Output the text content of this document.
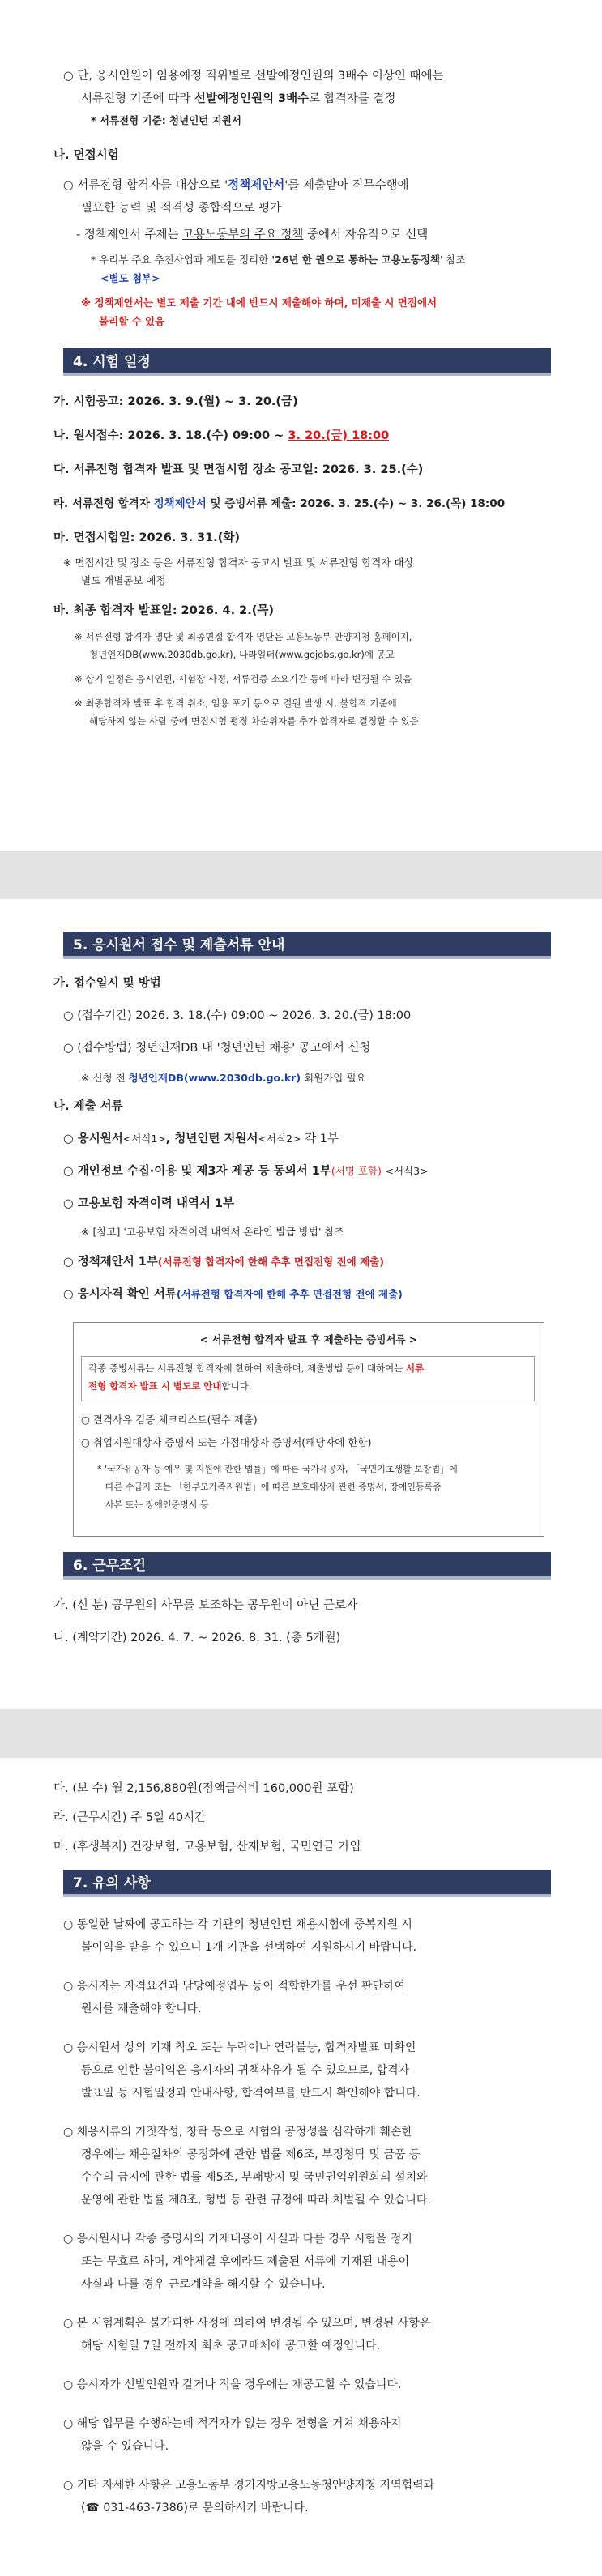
○ 단, 응시인원이 임용예정 직위별로 선발예정인원의 3배수 이상인 때에는
서류전형 기준에 따라 선발예정인원의 3배수로 합격자를 결정
* 서류전형 기준: 청년인턴 지원서
나. 면접시험
○ 서류전형 합격자를 대상으로 '정책제안서'를 제출받아 직무수행에
필요한 능력 및 적격성 종합적으로 평가
- 정책제안서 주제는 고용노동부의 주요 정책 중에서 자유적으로 선택
* 우리부 주요 추진사업과 제도를 정리한 '26년 한 권으로 통하는 고용노동정책' 참조
<별도 첨부>
※ 정책제안서는 별도 제출 기간 내에 반드시 제출해야 하며, 미제출 시 면접에서
불리할 수 있음
4. 시험 일정
가. 시험공고: 2026. 3. 9.(월) ~ 3. 20.(금)
나. 원서접수: 2026. 3. 18.(수) 09:00 ~ 3. 20.(금) 18:00
다. 서류전형 합격자 발표 및 면접시험 장소 공고일: 2026. 3. 25.(수)
라. 서류전형 합격자 정책제안서 및 증빙서류 제출: 2026. 3. 25.(수) ~ 3. 26.(목) 18:00
마. 면접시험일: 2026. 3. 31.(화)
※ 면접시간 및 장소 등은 서류전형 합격자 공고시 발표 및 서류전형 합격자 대상
별도 개별통보 예정
바. 최종 합격자 발표일: 2026. 4. 2.(목)
※ 서류전형 합격자 명단 및 최종면접 합격자 명단은 고용노동부 안양지청 홈페이지,
청년인재DB(www.2030db.go.kr), 나라일터(www.gojobs.go.kr)에 공고
※ 상기 일정은 응시인원, 시험장 사정, 서류검증 소요기간 등에 따라 변경될 수 있음
※ 최종합격자 발표 후 합격 취소, 임용 포기 등으로 결원 발생 시, 불합격 기준에
해당하지 않는 사람 중에 면접시험 평정 차순위자를 추가 합격자로 결정할 수 있음
5. 응시원서 접수 및 제출서류 안내
가. 접수일시 및 방법
○ (접수기간) 2026. 3. 18.(수) 09:00 ~ 2026. 3. 20.(금) 18:00
○ (접수방법) 청년인재DB 내 '청년인턴 채용' 공고에서 신청
※ 신청 전 청년인재DB(www.2030db.go.kr) 회원가입 필요
나. 제출 서류
○ 응시원서<서식1>, 청년인턴 지원서<서식2> 각 1부
○ 개인정보 수집·이용 및 제3자 제공 등 동의서 1부(서명 포함) <서식3>
○ 고용보험 자격이력 내역서 1부
※ [참고] '고용보험 자격이력 내역서 온라인 발급 방법' 참조
○ 정책제안서 1부(서류전형 합격자에 한해 추후 면접전형 전에 제출)
○ 응시자격 확인 서류(서류전형 합격자에 한해 추후 면접전형 전에 제출)
< 서류전형 합격자 발표 후 제출하는 증빙서류 >
각종 증빙서류는 서류전형 합격자에 한하여 제출하며, 제출방법 등에 대하여는 서류
전형 합격자 발표 시 별도로 안내합니다.
○ 결격사유 검증 체크리스트(필수 제출)
○ 취업지원대상자 증명서 또는 가점대상자 증명서(해당자에 한함)
* '국가유공자 등 예우 및 지원에 관한 법률」에 따른 국가유공자, 「국민기초생활 보장법」에
따른 수급자 또는 「한부모가족지원법」에 따른 보호대상자 관련 증명서, 장애인등록증
사본 또는 장애인증명서 등
6. 근무조건
가. (신 분) 공무원의 사무를 보조하는 공무원이 아닌 근로자
나. (계약기간) 2026. 4. 7. ~ 2026. 8. 31. (총 5개월)
다. (보 수) 월 2,156,880원(정액급식비 160,000원 포함)
라. (근무시간) 주 5일 40시간
마. (후생복지) 건강보험, 고용보험, 산재보험, 국민연금 가입
7. 유의 사항
○ 동일한 날짜에 공고하는 각 기관의 청년인턴 채용시험에 중복지원 시
불이익을 받을 수 있으니 1개 기관을 선택하여 지원하시기 바랍니다.
○ 응시자는 자격요건과 담당예정업무 등이 적합한가를 우선 판단하여
원서를 제출해야 합니다.
○ 응시원서 상의 기재 착오 또는 누락이나 연락불능, 합격자발표 미확인
등으로 인한 불이익은 응시자의 귀책사유가 될 수 있으므로, 합격자
발표일 등 시험일정과 안내사항, 합격여부를 반드시 확인해야 합니다.
○ 채용서류의 거짓작성, 청탁 등으로 시험의 공정성을 심각하게 훼손한
경우에는 채용절차의 공정화에 관한 법률 제6조, 부정청탁 및 금품 등
수수의 금지에 관한 법률 제5조, 부패방지 및 국민권익위원회의 설치와
운영에 관한 법률 제8조, 형법 등 관련 규정에 따라 처벌될 수 있습니다.
○ 응시원서나 각종 증명서의 기재내용이 사실과 다를 경우 시험을 정지
또는 무효로 하며, 계약체결 후에라도 제출된 서류에 기재된 내용이
사실과 다를 경우 근로계약을 해지할 수 있습니다.
○ 본 시험계획은 불가피한 사정에 의하여 변경될 수 있으며, 변경된 사항은
해당 시험일 7일 전까지 최초 공고매체에 공고할 예정입니다.
○ 응시자가 선발인원과 같거나 적을 경우에는 재공고할 수 있습니다.
○ 해당 업무를 수행하는데 적격자가 없는 경우 전형을 거쳐 채용하지
않을 수 있습니다.
○ 기타 자세한 사항은 고용노동부 경기지방고용노동청안양지청 지역협력과
(☎ 031-463-7386)로 문의하시기 바랍니다.
